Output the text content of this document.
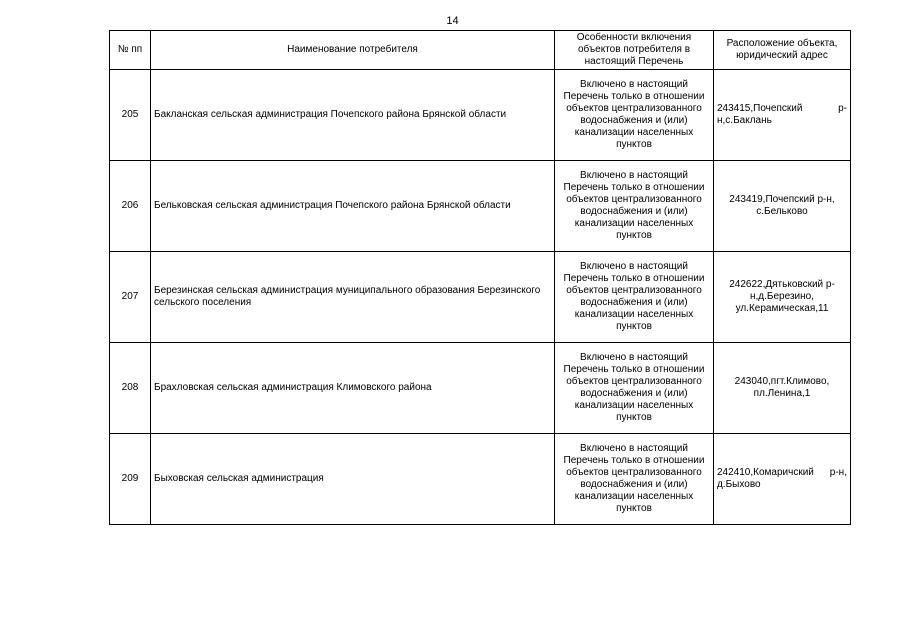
14
№ пп	Наименование потребителя	Особенности включения объектов потребителя в настоящий Перечень	Расположение объекта, юридический адрес
205	Бакланская сельская администрация Почепского района Брянской области	Включено в настоящий Перечень только в отношении объектов централизованного водоснабжения и (или) канализации населенных пунктов	243415,Почепский р-н,с.Баклань
206	Бельковская сельская администрация Почепского района Брянской области	Включено в настоящий Перечень только в отношении объектов централизованного водоснабжения и (или) канализации населенных пунктов	243419,Почепский р-н, с.Бельково
207	Березинская сельская администрация муниципального образования Березинского сельского поселения	Включено в настоящий Перечень только в отношении объектов централизованного водоснабжения и (или) канализации населенных пунктов	242622,Дятьковский р-н,д.Березино, ул.Керамическая,11
208	Брахловская сельская администрация Климовского района	Включено в настоящий Перечень только в отношении объектов централизованного водоснабжения и (или) канализации населенных пунктов	243040,пгт.Климово, пл.Ленина,1
209	Быховская сельская администрация	Включено в настоящий Перечень только в отношении объектов централизованного водоснабжения и (или) канализации населенных пунктов	242410,Комаричский р-н, д.Быхово
